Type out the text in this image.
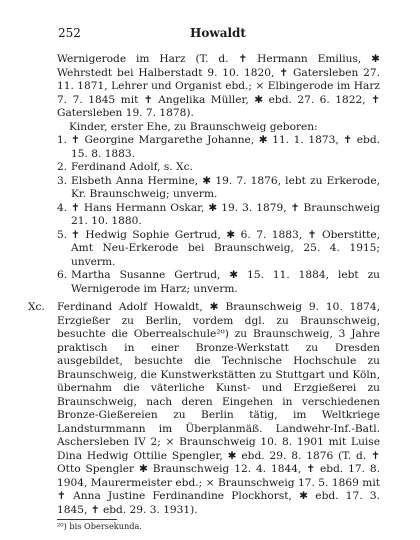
252	Howaldt

Wernigerode im Harz (T. d. ✝ Hermann Emilius, ✱ Wehrstedt bei Halberstadt 9. 10. 1820, ✝ Gatersleben 27. 11. 1871, Lehrer und Organist ebd.; ⨯ Elbingerode im Harz 7. 7. 1845 mit ✝ Angelika Müller, ✱ ebd. 27. 6. 1822, ✝ Gatersleben 19. 7. 1878).

Kinder, erster Ehe, zu Braunschweig geboren:

1. ✝ Georgine Margarethe Johanne, ✱ 11. 1. 1873, ✝ ebd. 15. 8. 1883.
2. Ferdinand Adolf, s. Xc.
3. Elsbeth Anna Hermine, ✱ 19. 7. 1876, lebt zu Erkerode, Kr. Braunschweig; unverm.
4. ✝ Hans Hermann Oskar, ✱ 19. 3. 1879, ✝ Braunschweig 21. 10. 1880.
5. ✝ Hedwig Sophie Gertrud, ✱ 6. 7. 1883, ✝ Oberstitte, Amt Neu-Erkerode bei Braunschweig, 25. 4. 1915; unverm.
6. Martha Susanne Gertrud, ✱ 15. 11. 1884, lebt zu Wernigerode im Harz; unverm.
Xc. Ferdinand Adolf Howaldt, ✱ Braunschweig 9. 10. 1874, Erzgießer zu Berlin, vordem dgl. zu Braunschweig, besuchte die Oberrealschule²⁰) zu Braunschweig, 3 Jahre praktisch in einer Bronze-Werkstatt zu Dresden ausgebildet, besuchte die Technische Hochschule zu Braunschweig, die Kunstwerkstätten zu Stuttgart und Köln, übernahm die väterliche Kunst- und Erzgießerei zu Braunschweig, nach deren Eingehen in verschiedenen Bronze-Gießereien zu Berlin tätig, im Weltkriege Landsturmmann im Überplanmäß. Landwehr-Inf.-Batl. Aschersleben IV 2; ⨯ Braunschweig 10. 8. 1901 mit Luise Dina Hedwig Ottilie Spengler, ✱ ebd. 29. 8. 1876 (T. d. ✝ Otto Spengler ✱ Braunschweig 12. 4. 1844, ✝ ebd. 17. 8. 1904, Maurermeister ebd.; ⨯ Braunschweig 17. 5. 1869 mit ✝ Anna Justine Ferdinandine Plockhorst, ✱ ebd. 17. 3. 1845, ✝ ebd. 29. 3. 1931).

²⁰) bis Obersekunda.
